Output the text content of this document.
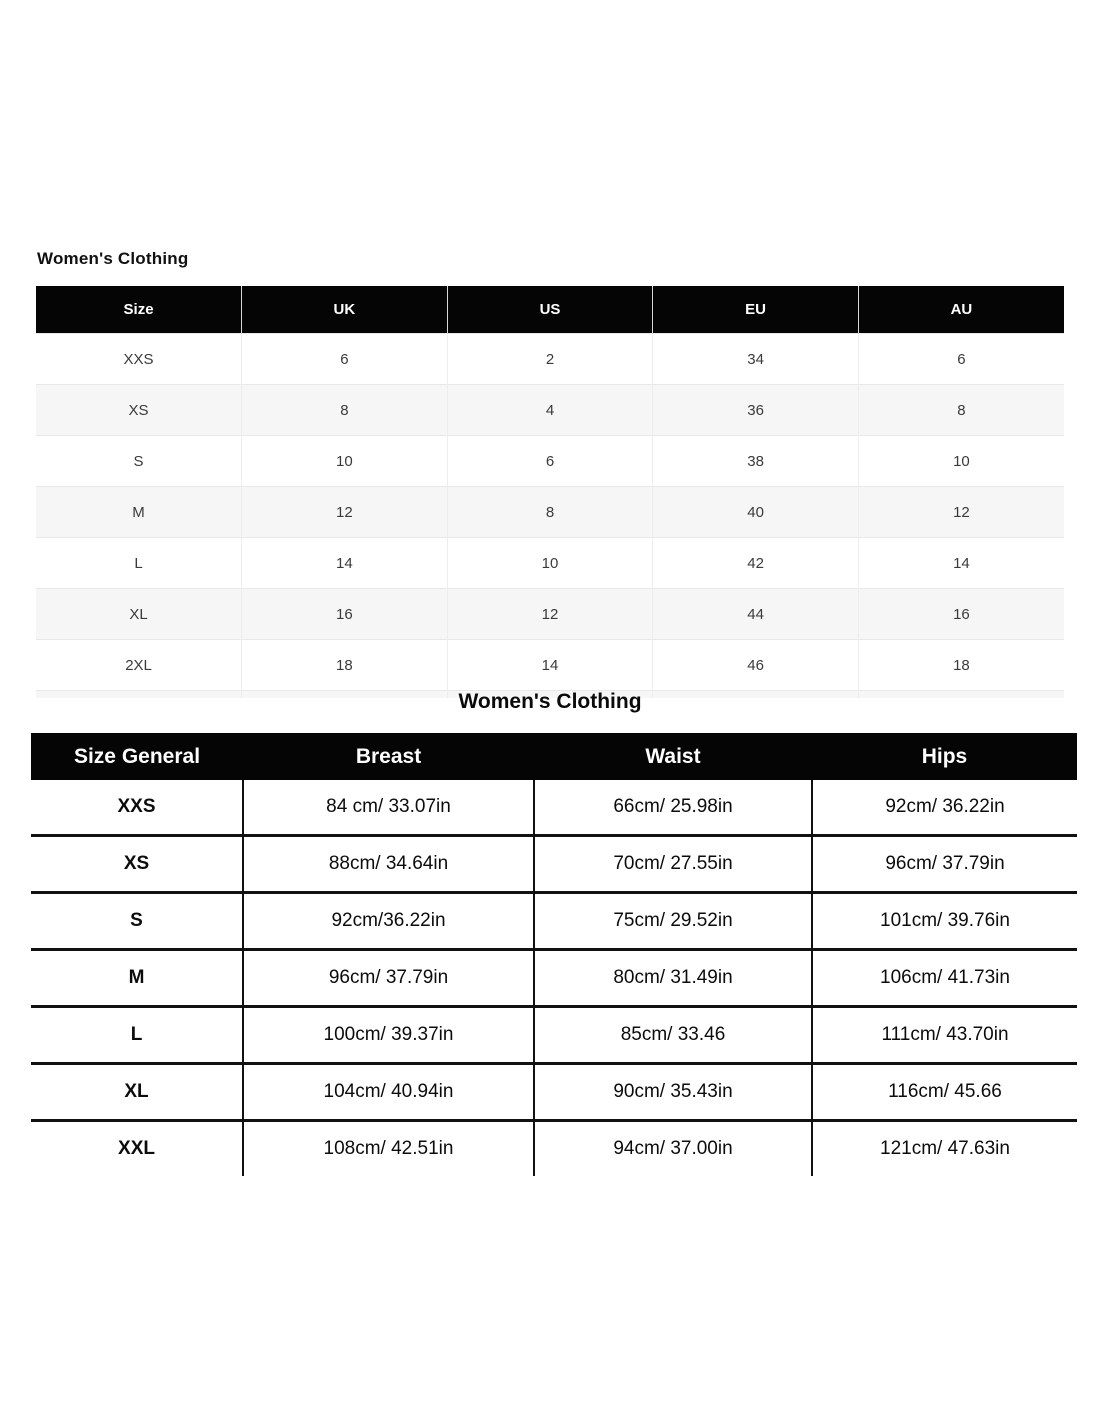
Women's Clothing
Size	UK	US	EU	AU
XXS	6	2	34	6
XS	8	4	36	8
S	10	6	38	10
M	12	8	40	12
L	14	10	42	14
XL	16	12	44	16
2XL	18	14	46	18

Women's Clothing
Size General	Breast	Waist	Hips
XXS	84 cm/ 33.07in	66cm/ 25.98in	92cm/ 36.22in
XS	88cm/ 34.64in	70cm/ 27.55in	96cm/ 37.79in
S	92cm/36.22in	75cm/ 29.52in	101cm/ 39.76in
M	96cm/ 37.79in	80cm/ 31.49in	106cm/ 41.73in
L	100cm/ 39.37in	85cm/ 33.46	111cm/ 43.70in
XL	104cm/ 40.94in	90cm/ 35.43in	116cm/ 45.66
XXL	108cm/ 42.51in	94cm/ 37.00in	121cm/ 47.63in
